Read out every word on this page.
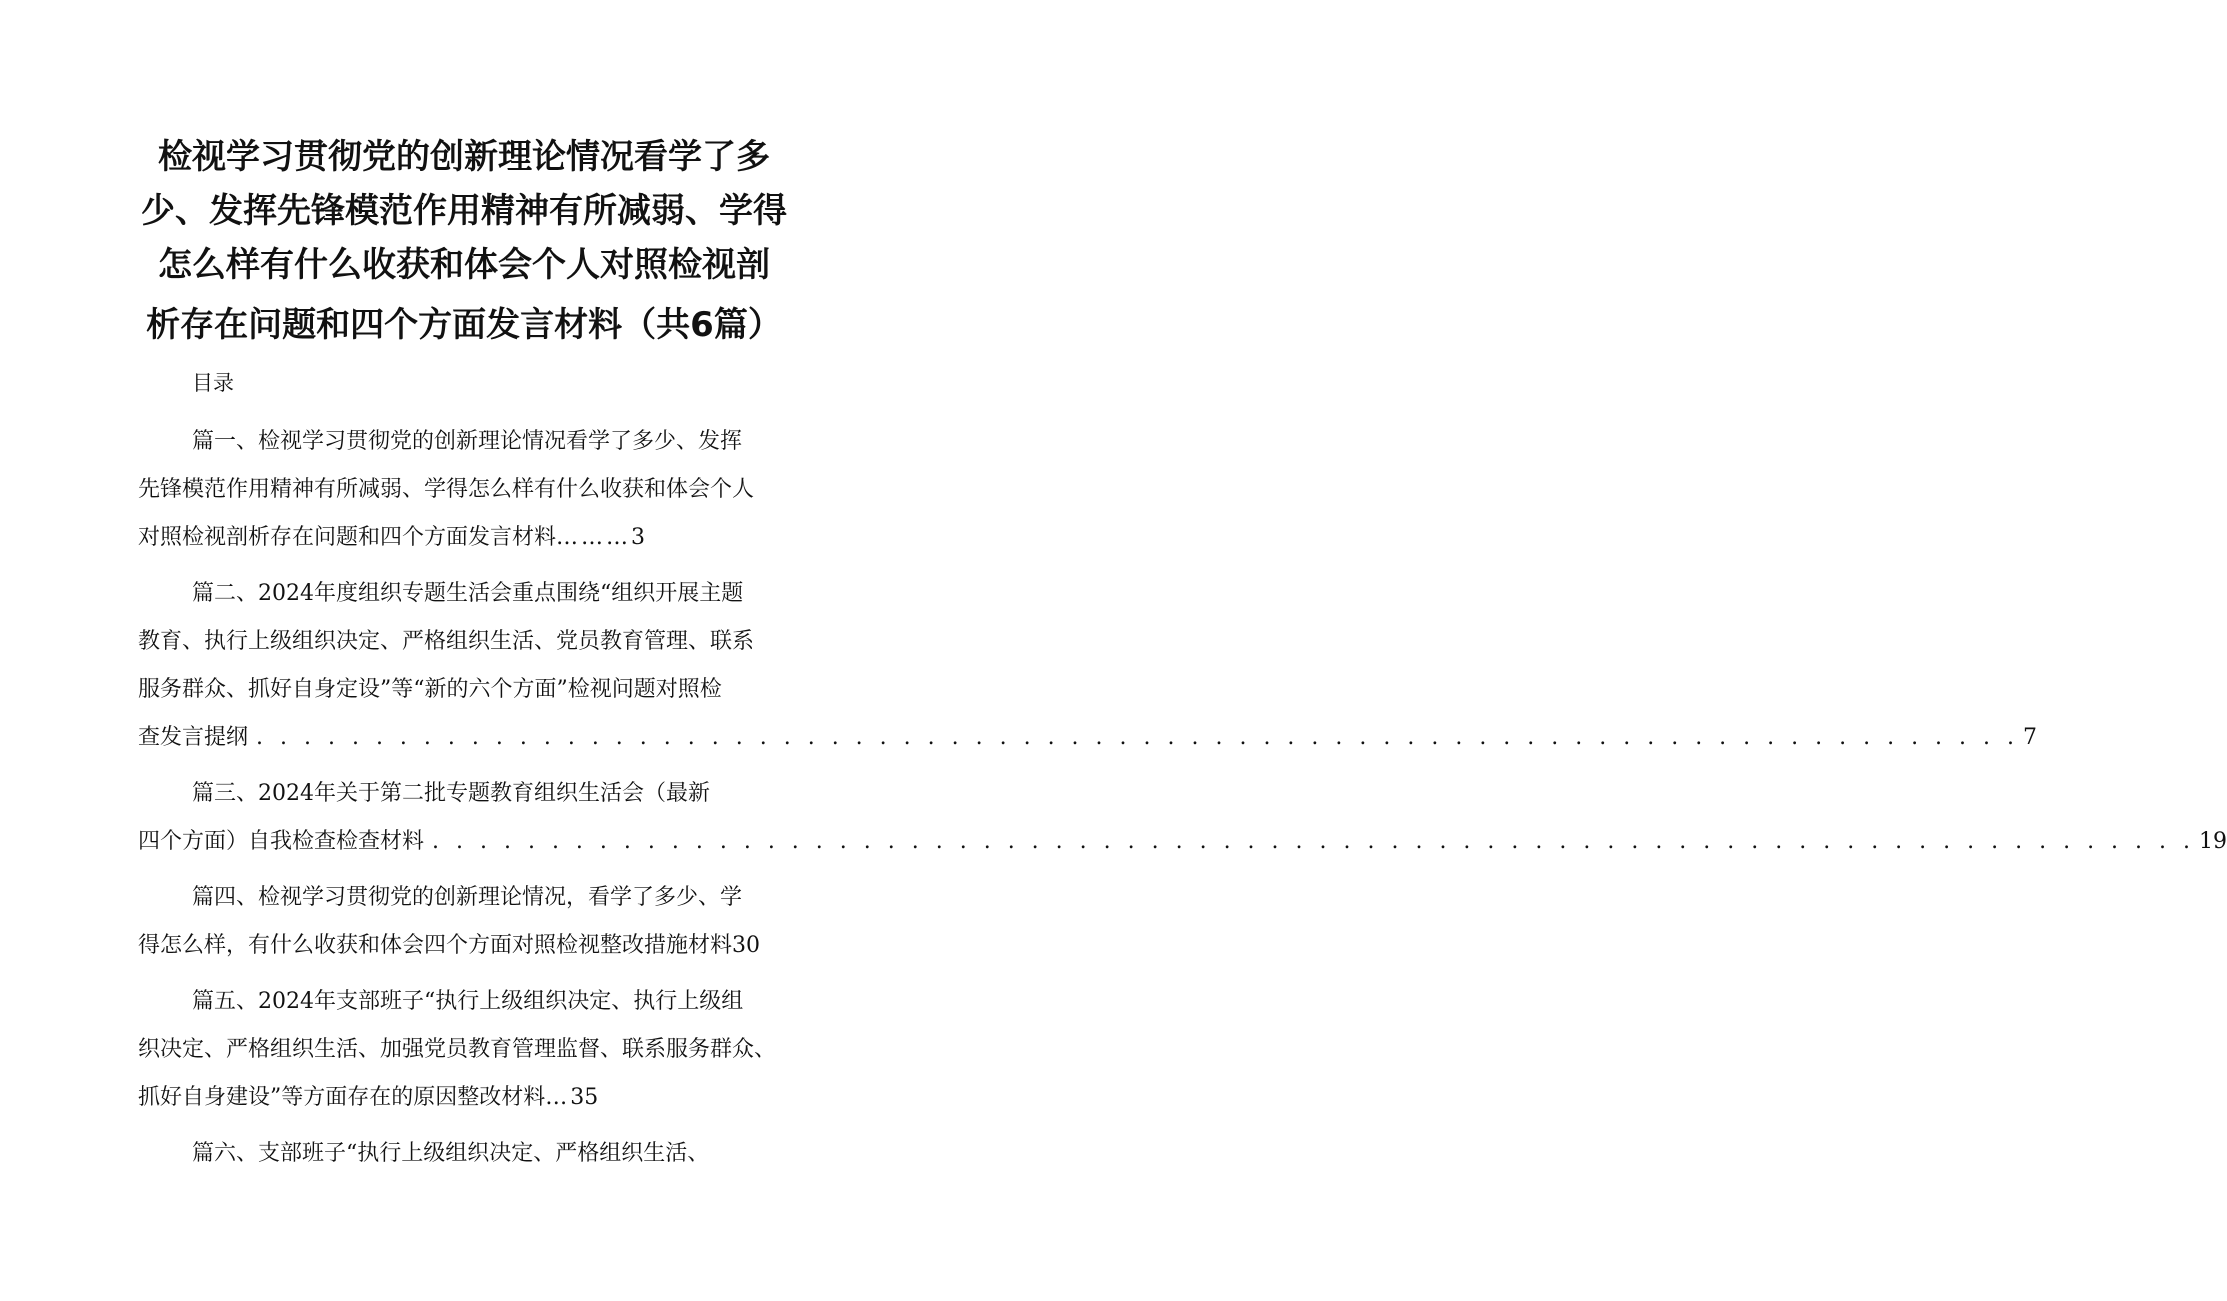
检视学习贯彻党的创新理论情况看学了多
少、发挥先锋模范作用精神有所减弱、学得
怎么样有什么收获和体会个人对照检视剖
析存在问题和四个方面发言材料（共6篇）
目录
篇一、检视学习贯彻党的创新理论情况看学了多少、发挥
先锋模范作用精神有所减弱、学得怎么样有什么收获和体会个人
对照检视剖析存在问题和四个方面发言材料 ……… 3
篇二、2024年度组织专题生活会重点围绕“组织开展主题
教育、执行上级组织决定、严格组织生活、党员教育管理、联系
服务群众、抓好自身定设”等“新的六个方面”检视问题对照检
查发言提纲 . . . . . . . . . . . . . . . . . . . . . . . . . . . . . . . . . . . . . . . . . . . . . . . . . . . . . . . . . . . . . . . . . . . . . . . . . . 7
篇三、2024年关于第二批专题教育组织生活会（最新
四个方面）自我检查检查材料 . . . . . . . . . . . . . . . . . . . . . . . . . . . . . . . . . . . . . . . . . . . . . . . . . . . . . . . . . . . . . . . . . . . . . . . . . . 19
篇四、检视学习贯彻党的创新理论情况，看学了多少、学
得怎么样，有什么收获和体会四个方面对照检视整改措施材料 30
篇五、2024年支部班子“执行上级组织决定、执行上级组
织决定、严格组织生活、加强党员教育管理监督、联系服务群众、
抓好自身建设”等方面存在的原因整改材料 … 35
篇六、支部班子“执行上级组织决定、严格组织生活、
